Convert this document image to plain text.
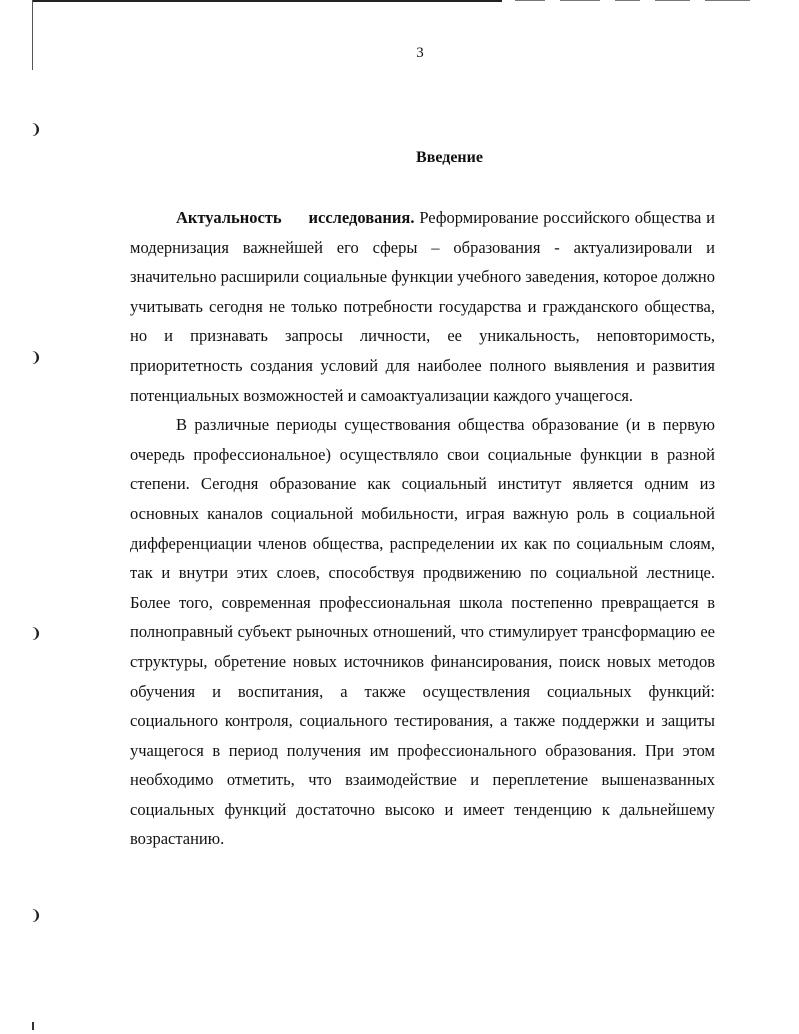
❩
❩
❩
❩
3
Введение

Актуальность исследования. Реформирование российского общества и модернизация важнейшей его сферы – образования - актуализировали и значительно расширили социальные функции учебного заведения, которое должно учитывать сегодня не только потребности государства и гражданского общества, но и признавать запросы личности, ее уникальность, неповторимость, приоритетность создания условий для наиболее полного выявления и развития потенциальных возможностей и самоактуализации каждого учащегося.

В различные периоды существования общества образование (и в первую очередь профессиональное) осуществляло свои социальные функции в разной степени. Сегодня образование как социальный институт является одним из основных каналов социальной мобильности, играя важную роль в социальной дифференциации членов общества, распределении их как по социальным слоям, так и внутри этих слоев, способствуя продвижению по социальной лестнице. Более того, современная профессиональная школа постепенно превращается в полноправный субъект рыночных отношений, что стимулирует трансформацию ее структуры, обретение новых источников финансирования, поиск новых методов обучения и воспитания, а также осуществления социальных функций: социального контроля, социального тестирования, а также поддержки и защиты учащегося в период получения им профессионального образования. При этом необходимо отметить, что взаимодействие и переплетение вышеназванных социальных функций достаточно высоко и имеет тенденцию к дальнейшему возрастанию.
